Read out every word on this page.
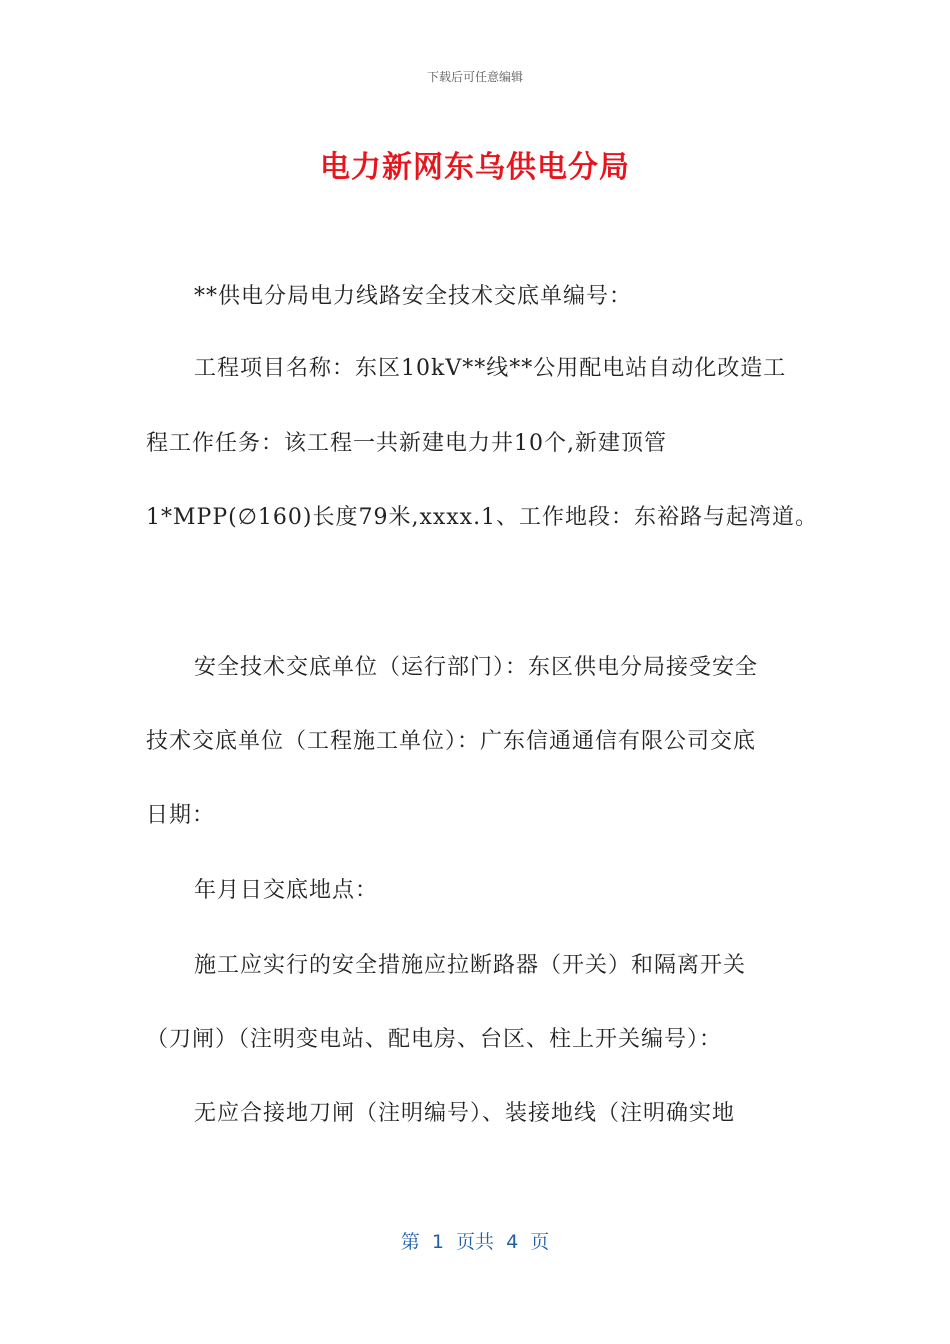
下载后可任意编辑
电力新网东乌供电分局
**供电分局电力线路安全技术交底单编号：
工程项目名称：东区10kV**线**公用配电站自动化改造工
程工作任务：该工程一共新建电力井10个,新建顶管
1*MPP(∅160)长度79米,xxxx.1、工作地段：东裕路与起湾道。
安全技术交底单位（运行部门）：东区供电分局接受安全
技术交底单位（工程施工单位）：广东信通通信有限公司交底
日期：
年月日交底地点：
施工应实行的安全措施应拉断路器（开关）和隔离开关
（刀闸）（注明变电站、配电房、台区、柱上开关编号）：
无应合接地刀闸（注明编号）、装接地线（注明确实地
第  1  页共  4  页
